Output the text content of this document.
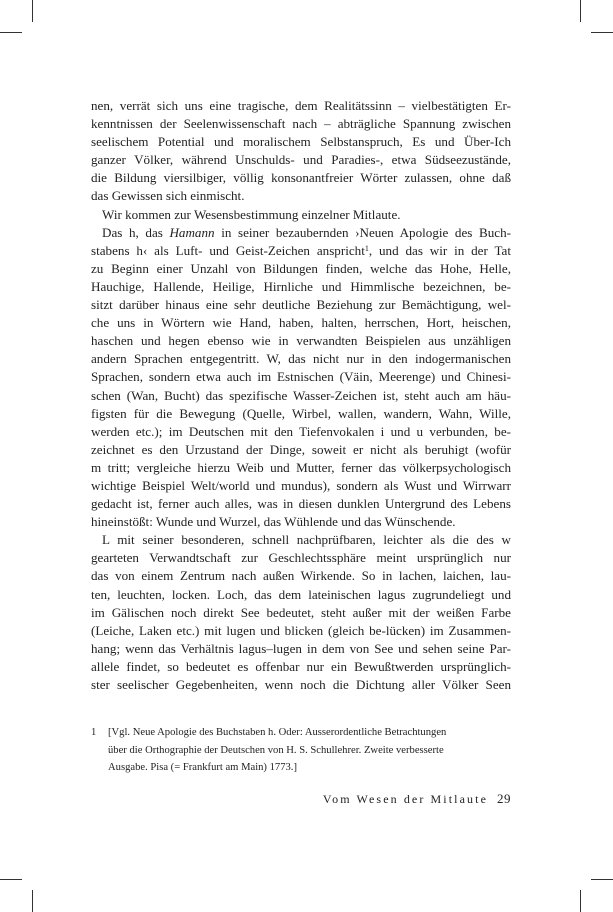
nen, verrät sich uns eine tragische, dem Realitätssinn – vielbestätigten Er-
kenntnissen der Seelenwissenschaft nach – abträgliche Spannung zwischen
seelischem Potential und moralischem Selbstanspruch, Es und Über-Ich
ganzer Völker, während Unschulds- und Paradies-, etwa Südseezustände,
die Bildung viersilbiger, völlig konsonantfreier Wörter zulassen, ohne daß
das Gewissen sich einmischt.
Wir kommen zur Wesensbestimmung einzelner Mitlaute.
Das h, das Hamann in seiner bezaubernden ›Neuen Apologie des Buch-
stabens h‹ als Luft- und Geist-Zeichen anspricht$^1$, und das wir in der Tat
zu Beginn einer Unzahl von Bildungen finden, welche das Hohe, Helle,
Hauchige, Hallende, Heilige, Hirnliche und Himmlische bezeichnen, be-
sitzt darüber hinaus eine sehr deutliche Beziehung zur Bemächtigung, wel-
che uns in Wörtern wie Hand, haben, halten, herrschen, Hort, heischen,
haschen und hegen ebenso wie in verwandten Beispielen aus unzähligen
andern Sprachen entgegentritt. W, das nicht nur in den indogermanischen
Sprachen, sondern etwa auch im Estnischen (Väin, Meerenge) und Chinesi-
schen (Wan, Bucht) das spezifische Wasser-Zeichen ist, steht auch am häu-
figsten für die Bewegung (Quelle, Wirbel, wallen, wandern, Wahn, Wille,
werden etc.); im Deutschen mit den Tiefenvokalen i und u verbunden, be-
zeichnet es den Urzustand der Dinge, soweit er nicht als beruhigt (wofür
m tritt; vergleiche hierzu Weib und Mutter, ferner das völkerpsychologisch
wichtige Beispiel Welt/world und mundus), sondern als Wust und Wirrwarr
gedacht ist, ferner auch alles, was in diesen dunklen Untergrund des Lebens
hineinstößt: Wunde und Wurzel, das Wühlende und das Wünschende.
L mit seiner besonderen, schnell nachprüfbaren, leichter als die des w
gearteten Verwandtschaft zur Geschlechtssphäre meint ursprünglich nur
das von einem Zentrum nach außen Wirkende. So in lachen, laichen, lau-
ten, leuchten, locken. Loch, das dem lateinischen lagus zugrundeliegt und
im Gälischen noch direkt See bedeutet, steht außer mit der weißen Farbe
(Leiche, Laken etc.) mit lugen und blicken (gleich be-lücken) im Zusammen-
hang; wenn das Verhältnis lagus–lugen in dem von See und sehen seine Par-
allele findet, so bedeutet es offenbar nur ein Bewußtwerden ursprünglich-
ster seelischer Gegebenheiten, wenn noch die Dichtung aller Völker Seen
1 [Vgl. Neue Apologie des Buchstaben h. Oder: Ausserordentliche Betrachtungen
über die Orthographie der Deutschen von H. S. Schullehrer. Zweite verbesserte
Ausgabe. Pisa (= Frankfurt am Main) 1773.]
Vom Wesen der Mitlaute 29
